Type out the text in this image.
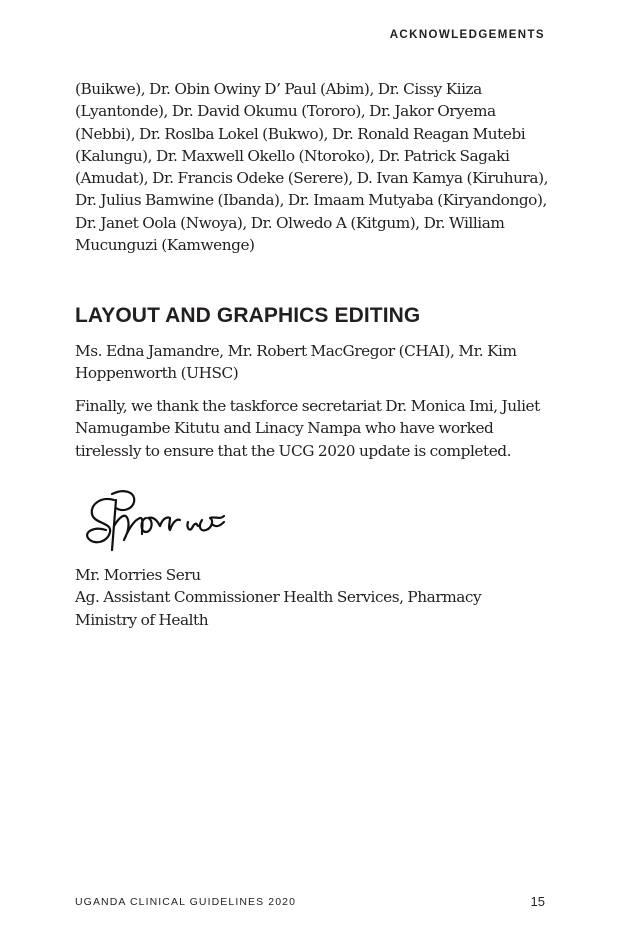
ACKNOWLEDGEMENTS

(Buikwe), Dr. Obin Owiny D’ Paul (Abim), Dr. Cissy Kiiza (Lyantonde), Dr. David Okumu (Tororo), Dr. Jakor Oryema (Nebbi), Dr. Roslba Lokel (Bukwo), Dr. Ronald Reagan Mutebi (Kalungu), Dr. Maxwell Okello (Ntoroko), Dr. Patrick Sagaki (Amudat), Dr. Francis Odeke (Serere), D. Ivan Kamya (Kiruhura), Dr. Julius Bamwine (Ibanda), Dr. Imaam Mutyaba (Kiryandongo), Dr. Janet Oola (Nwoya), Dr. Olwedo A (Kitgum), Dr. William Mucunguzi (Kamwenge)

LAYOUT AND GRAPHICS EDITING

Ms. Edna Jamandre, Mr. Robert MacGregor (CHAI), Mr. Kim Hoppenworth (UHSC)

Finally, we thank the taskforce secretariat Dr. Monica Imi, Juliet Namugambe Kitutu and Linacy Nampa who have worked tirelessly to ensure that the UCG 2020 update is completed.

Mr. Morries Seru
Ag. Assistant Commissioner Health Services, Pharmacy
Ministry of Health

UGANDA CLINICAL GUIDELINES 2020	15
